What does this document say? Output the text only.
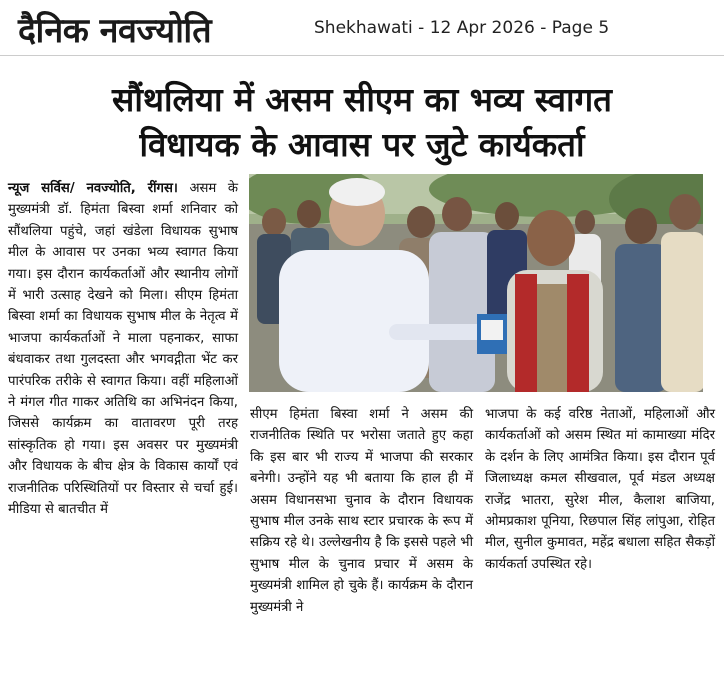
दैनिक नवज्योति	Shekhawati - 12 Apr 2026 - Page 5
सौंथलिया में असम सीएम का भव्य स्वागत
विधायक के आवास पर जुटे कार्यकर्ता
न्यूज सर्विस/ नवज्योति, रींगस। असम के मुख्यमंत्री डॉ. हिमंता बिस्वा शर्मा शनिवार को सौंथलिया पहुंचे, जहां खंडेला विधायक सुभाष मील के आवास पर उनका भव्य स्वागत किया गया। इस दौरान कार्यकर्ताओं और स्थानीय लोगों में भारी उत्साह देखने को मिला। सीएम हिमंता बिस्वा शर्मा का विधायक सुभाष मील के नेतृत्व में भाजपा कार्यकर्ताओं ने माला पहनाकर, साफा बंधवाकर तथा गुलदस्ता और भगवद्गीता भेंट कर पारंपरिक तरीके से स्वागत किया। वहीं महिलाओं ने मंगल गीत गाकर अतिथि का अभिनंदन किया, जिससे कार्यक्रम का वातावरण पूरी तरह सांस्कृतिक हो गया। इस अवसर पर मुख्यमंत्री और विधायक के बीच क्षेत्र के विकास कार्यों एवं राजनीतिक परिस्थितियों पर विस्तार से चर्चा हुई। मीडिया से बातचीत में
सीएम हिमंता बिस्वा शर्मा ने असम की राजनीतिक स्थिति पर भरोसा जताते हुए कहा कि इस बार भी राज्य में भाजपा की सरकार बनेगी। उन्होंने यह भी बताया कि हाल ही में असम विधानसभा चुनाव के दौरान विधायक सुभाष मील उनके साथ स्टार प्रचारक के रूप में सक्रिय रहे थे। उल्लेखनीय है कि इससे पहले भी सुभाष मील के चुनाव प्रचार में असम के मुख्यमंत्री शामिल हो चुके हैं। कार्यक्रम के दौरान मुख्यमंत्री ने
भाजपा के कई वरिष्ठ नेताओं, महिलाओं और कार्यकर्ताओं को असम स्थित मां कामाख्या मंदिर के दर्शन के लिए आमंत्रित किया। इस दौरान पूर्व जिलाध्यक्ष कमल सीखवाल, पूर्व मंडल अध्यक्ष राजेंद्र भातरा, सुरेश मील, कैलाश बाजिया, ओमप्रकाश पूनिया, रिछपाल सिंह लांपुआ, रोहित मील, सुनील कुमावत, महेंद्र बधाला सहित सैकड़ों कार्यकर्ता उपस्थित रहे।
